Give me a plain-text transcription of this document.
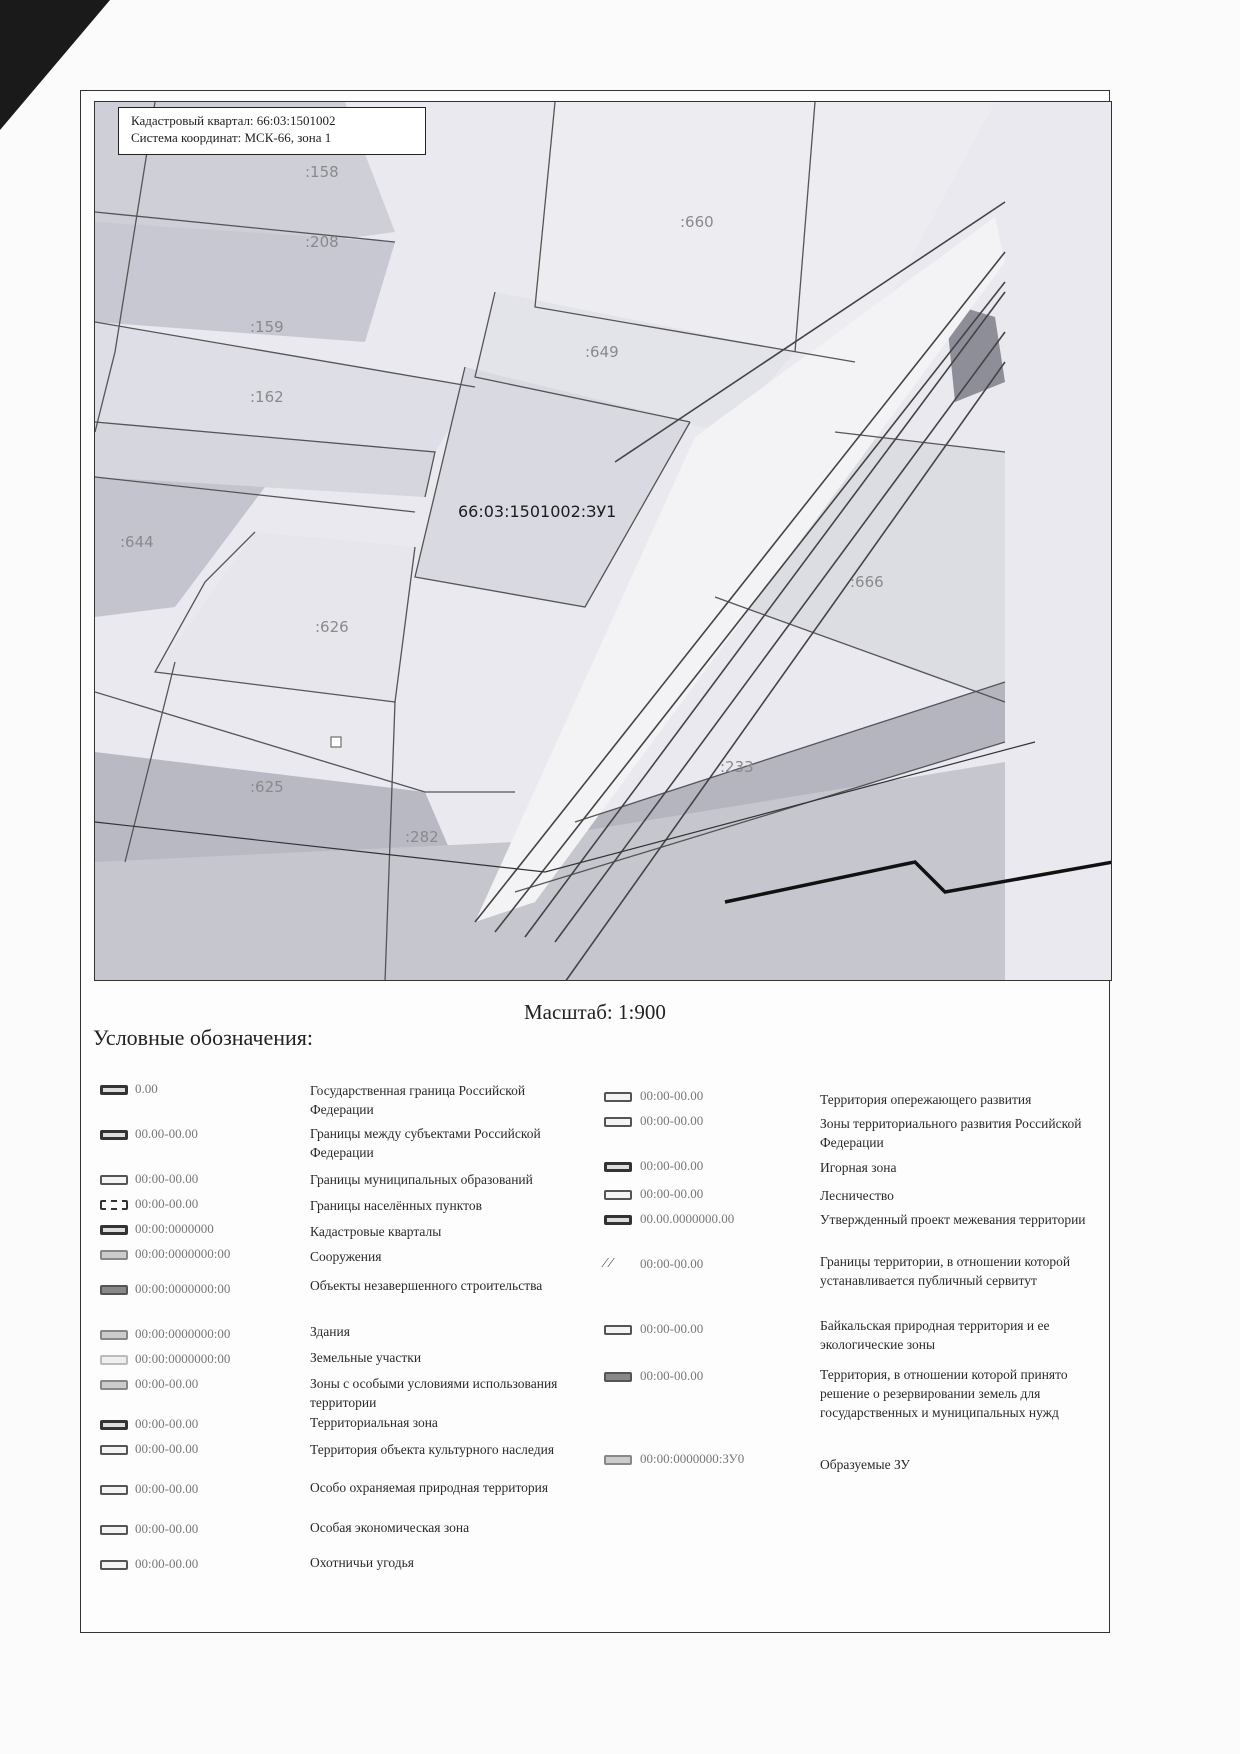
:158
:208
:660
:159
:649
:162
66:03:1501002:ЗУ1
:644
:666
:626
:233
:625
:282
Кадастровый квартал: 66:03:1501002
Система координат: МСК-66, зона 1
Масштаб: 1:900
Условные обозначения:
0.00	Государственная граница Российской Федерации
00.00-00.00	Границы между субъектами Российской Федерации
00:00-00.00	Границы муниципальных образований
00:00-00.00	Границы населённых пунктов
00:00:0000000	Кадастровые кварталы
00:00:0000000:00	Сооружения
00:00:0000000:00	Объекты незавершенного строительства
00:00:0000000:00	Здания
00:00:0000000:00	Земельные участки
00:00-00.00	Зоны с особыми условиями использования территории
00:00-00.00	Территориальная зона
00:00-00.00	Территория объекта культурного наследия
00:00-00.00	Особо охраняемая природная территория
00:00-00.00	Особая экономическая зона
00:00-00.00	Охотничьи угодья
00:00-00.00	Территория опережающего развития
00:00-00.00	Зоны территориального развития Российской Федерации
00:00-00.00	Игорная зона
00:00-00.00	Лесничество
00.00.0000000.00	Утвержденный проект межевания территории
⁄ ⁄	00:00-00.00	Границы территории, в отношении которой устанавливается публичный сервитут
00:00-00.00	Байкальская природная территория и ее экологические зоны
00:00-00.00	Территория, в отношении которой принято решение о резервировании земель для государственных и муниципальных нужд
00:00:0000000:ЗУ0	Образуемые ЗУ
